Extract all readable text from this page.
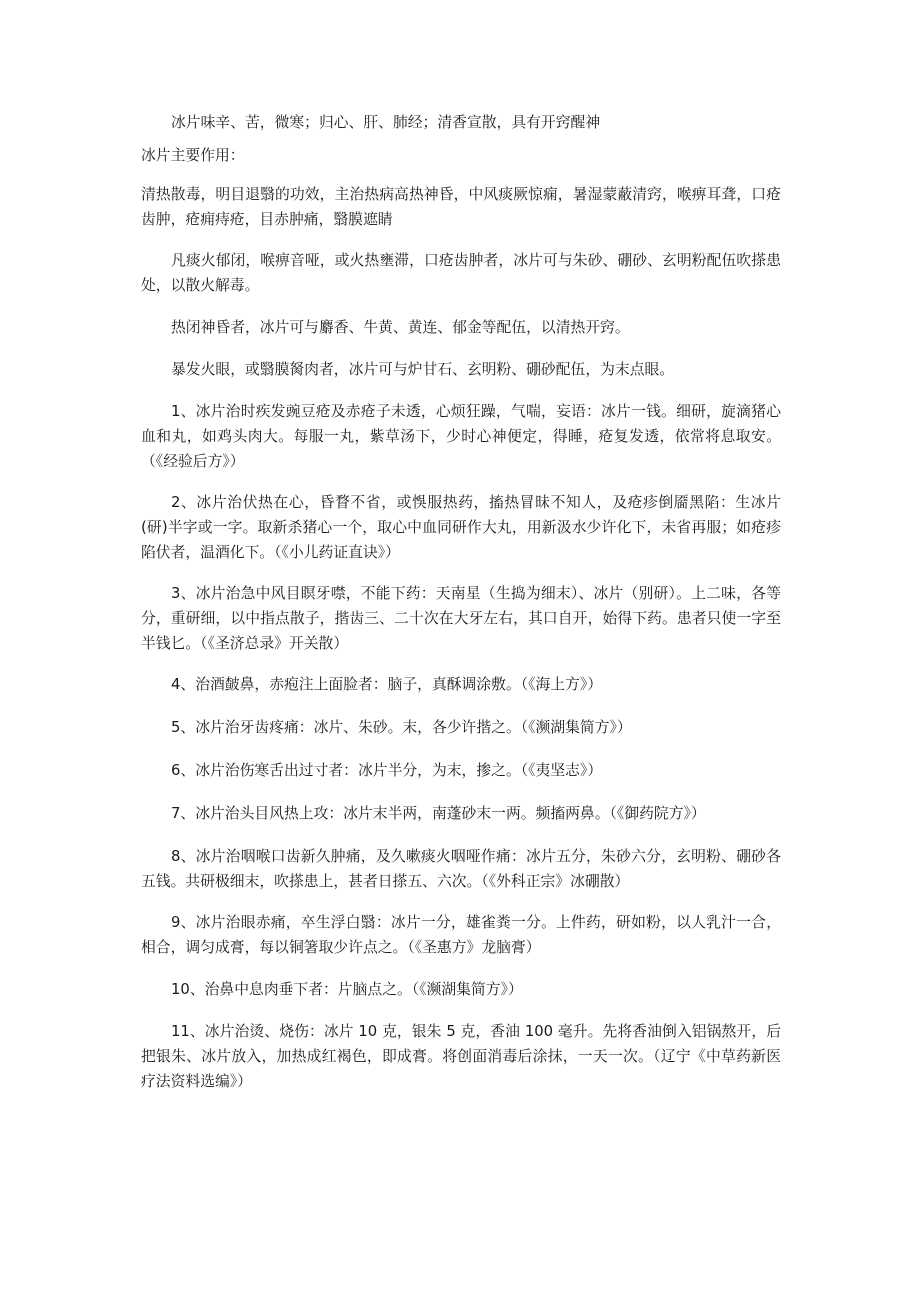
冰片味辛、苦，微寒；归心、肝、肺经；清香宣散，具有开窍醒神

冰片主要作用：

清热散毒，明目退翳的功效，主治热病高热神昏，中风痰厥惊痫，暑湿蒙蔽清窍，喉痹耳聋，口疮齿肿，疮痈痔疮，目赤肿痛，翳膜遮睛

凡痰火郁闭，喉痹音哑，或火热壅滞，口疮齿肿者，冰片可与朱砂、硼砂、玄明粉配伍吹搽患处，以散火解毒。

热闭神昏者，冰片可与麝香、牛黄、黄连、郁金等配伍，以清热开窍。

暴发火眼，或翳膜胬肉者，冰片可与炉甘石、玄明粉、硼砂配伍，为末点眼。

1、冰片治时疾发豌豆疮及赤疮子未透，心烦狂躁，气喘，妄语：冰片一钱。细研，旋滴猪心血和丸，如鸡头肉大。每服一丸，紫草汤下，少时心神便定，得睡，疮复发透，依常将息取安。（《经验后方》）

2、冰片治伏热在心，昏瞀不省，或悞服热药，搐热冒昧不知人，及疮疹倒靥黑陷：生冰片(研)半字或一字。取新杀猪心一个，取心中血同研作大丸，用新汲水少许化下，未省再服；如疮疹陷伏者，温酒化下。（《小儿药证直诀》）

3、冰片治急中风目瞑牙噤，不能下药：天南星（生捣为细末）、冰片（别研）。上二味，各等分，重研细，以中指点散子，揩齿三、二十次在大牙左右，其口自开，始得下药。患者只使一字至半钱匕。（《圣济总录》开关散）

4、治酒皶鼻，赤疱注上面脸者：脑子，真酥调涂敷。（《海上方》）

5、冰片治牙齿疼痛：冰片、朱砂。末，各少许揩之。（《濒湖集简方》）

6、冰片治伤寒舌出过寸者：冰片半分，为末，掺之。（《夷坚志》）

7、冰片治头目风热上攻：冰片末半两，南蓬砂末一两。频搐两鼻。（《御药院方》）

8、冰片治咽喉口齿新久肿痛，及久嗽痰火咽哑作痛：冰片五分，朱砂六分，玄明粉、硼砂各五钱。共研极细末，吹搽患上，甚者日搽五、六次。（《外科正宗》冰硼散）

9、冰片治眼赤痛，卒生浮白翳：冰片一分，雄雀粪一分。上件药，研如粉，以人乳汁一合，相合，调匀成膏，每以铜箸取少许点之。（《圣惠方》龙脑膏）

10、治鼻中息肉垂下者：片脑点之。（《濒湖集简方》）

11、冰片治烫、烧伤：冰片 10 克，银朱 5 克，香油 100 毫升。先将香油倒入铝锅熬开，后把银朱、冰片放入，加热成红褐色，即成膏。将创面消毒后涂抹，一天一次。（辽宁《中草药新医疗法资料选编》）
